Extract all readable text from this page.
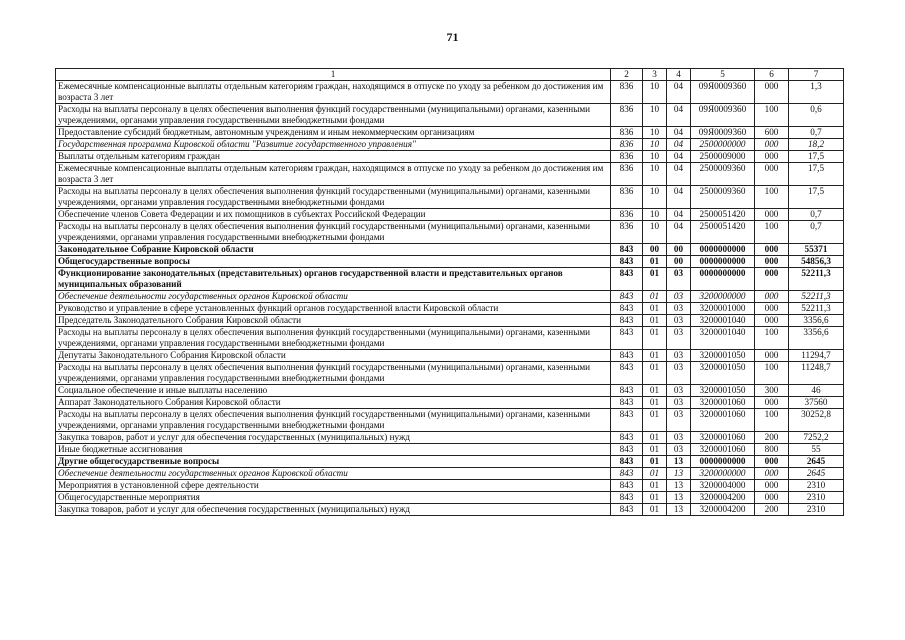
71
1	2	3	4	5	6	7
Ежемесячные компенсационные выплаты отдельным категориям граждан, находящимся в отпуске по уходу за ребенком до достижения им возраста 3 лет	836	10	04	09Я0009360	000	1,3
Расходы на выплаты персоналу в целях обеспечения выполнения функций государственными (муниципальными) органами, казенными учреждениями, органами управления государственными внебюджетными фондами	836	10	04	09Я0009360	100	0,6
Предоставление субсидий бюджетным, автономным учреждениям и иным некоммерческим организациям	836	10	04	09Я0009360	600	0,7
Государственная программа Кировской области "Развитие государственного управления"	836	10	04	2500000000	000	18,2
Выплаты отдельным категориям граждан	836	10	04	2500009000	000	17,5
Ежемесячные компенсационные выплаты отдельным категориям граждан, находящимся в отпуске по уходу за ребенком до достижения им возраста 3 лет	836	10	04	2500009360	000	17,5
Расходы на выплаты персоналу в целях обеспечения выполнения функций государственными (муниципальными) органами, казенными учреждениями, органами управления государственными внебюджетными фондами	836	10	04	2500009360	100	17,5
Обеспечение членов Совета Федерации и их помощников в субъектах Российской Федерации	836	10	04	2500051420	000	0,7
Расходы на выплаты персоналу в целях обеспечения выполнения функций государственными (муниципальными) органами, казенными учреждениями, органами управления государственными внебюджетными фондами	836	10	04	2500051420	100	0,7
Законодательное Собрание Кировской области	843	00	00	0000000000	000	55371
Общегосударственные вопросы	843	01	00	0000000000	000	54856,3
Функционирование законодательных (представительных) органов государственной власти и представительных органов муниципальных образований	843	01	03	0000000000	000	52211,3
Обеспечение деятельности государственных органов Кировской области	843	01	03	3200000000	000	52211,3
Руководство и управление в сфере установленных функций органов государственной власти Кировской области	843	01	03	3200001000	000	52211,3
Председатель Законодательного Собрания Кировской области	843	01	03	3200001040	000	3356,6
Расходы на выплаты персоналу в целях обеспечения выполнения функций государственными (муниципальными) органами, казенными учреждениями, органами управления государственными внебюджетными фондами	843	01	03	3200001040	100	3356,6
Депутаты Законодательного Собрания Кировской области	843	01	03	3200001050	000	11294,7
Расходы на выплаты персоналу в целях обеспечения выполнения функций государственными (муниципальными) органами, казенными учреждениями, органами управления государственными внебюджетными фондами	843	01	03	3200001050	100	11248,7
Социальное обеспечение и иные выплаты населению	843	01	03	3200001050	300	46
Аппарат Законодательного Собрания Кировской области	843	01	03	3200001060	000	37560
Расходы на выплаты персоналу в целях обеспечения выполнения функций государственными (муниципальными) органами, казенными учреждениями, органами управления государственными внебюджетными фондами	843	01	03	3200001060	100	30252,8
Закупка товаров, работ и услуг для обеспечения государственных (муниципальных) нужд	843	01	03	3200001060	200	7252,2
Иные бюджетные ассигнования	843	01	03	3200001060	800	55
Другие общегосударственные вопросы	843	01	13	0000000000	000	2645
Обеспечение деятельности государственных органов Кировской области	843	01	13	3200000000	000	2645
Мероприятия в установленной сфере деятельности	843	01	13	3200004000	000	2310
Общегосударственные мероприятия	843	01	13	3200004200	000	2310
Закупка товаров, работ и услуг для обеспечения государственных (муниципальных) нужд	843	01	13	3200004200	200	2310
